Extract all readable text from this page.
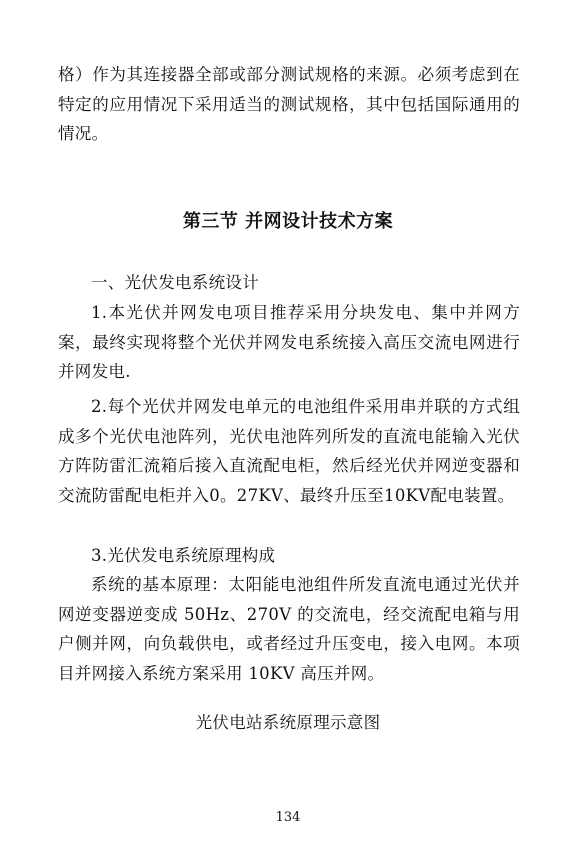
格）作为其连接器全部或部分测试规格的来源。必须考虑到在特定的应用情况下采用适当的测试规格，其中包括国际通用的情况。

第三节 并网设计技术方案

一、光伏发电系统设计

1.本光伏并网发电项目推荐采用分块发电、集中并网方案，最终实现将整个光伏并网发电系统接入高压交流电网进行并网发电.

2.每个光伏并网发电单元的电池组件采用串并联的方式组成多个光伏电池阵列，光伏电池阵列所发的直流电能输入光伏方阵防雷汇流箱后接入直流配电柜，然后经光伏并网逆变器和交流防雷配电柜并入0。27KV、最终升压至10KV配电装置。

3.光伏发电系统原理构成

系统的基本原理：太阳能电池组件所发直流电通过光伏并网逆变器逆变成 50Hz、270V 的交流电，经交流配电箱与用户侧并网，向负载供电，或者经过升压变电，接入电网。本项目并网接入系统方案采用 10KV 高压并网。

光伏电站系统原理示意图

134
